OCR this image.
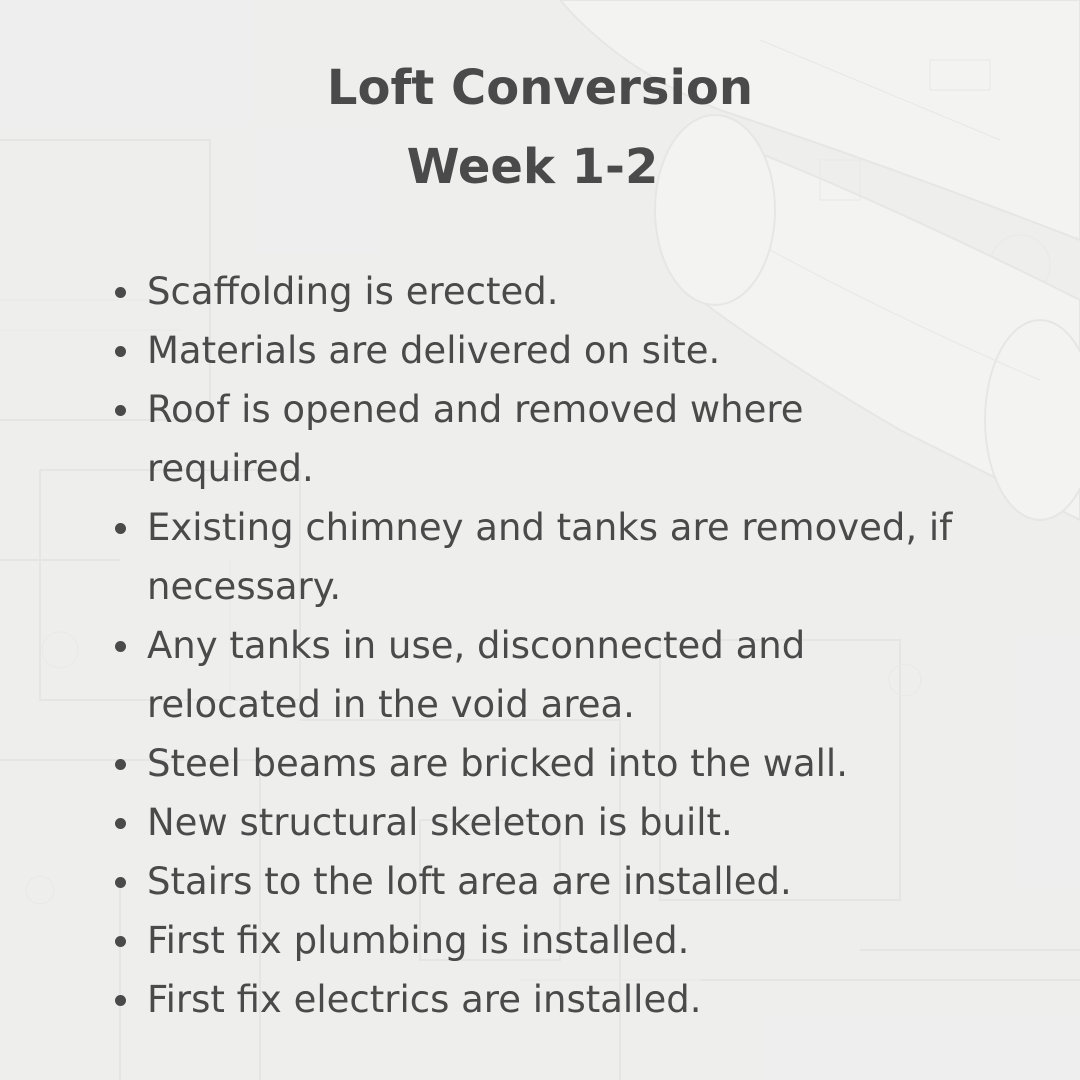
Loft Conversion
Week 1-2
Scaffolding is erected.
Materials are delivered on site.
Roof is opened and removed where required.
Existing chimney and tanks are removed, if necessary.
Any tanks in use, disconnected and relocated in the void area.
Steel beams are bricked into the wall.
New structural skeleton is built.
Stairs to the loft area are installed.
First fix plumbing is installed.
First fix electrics are installed.
